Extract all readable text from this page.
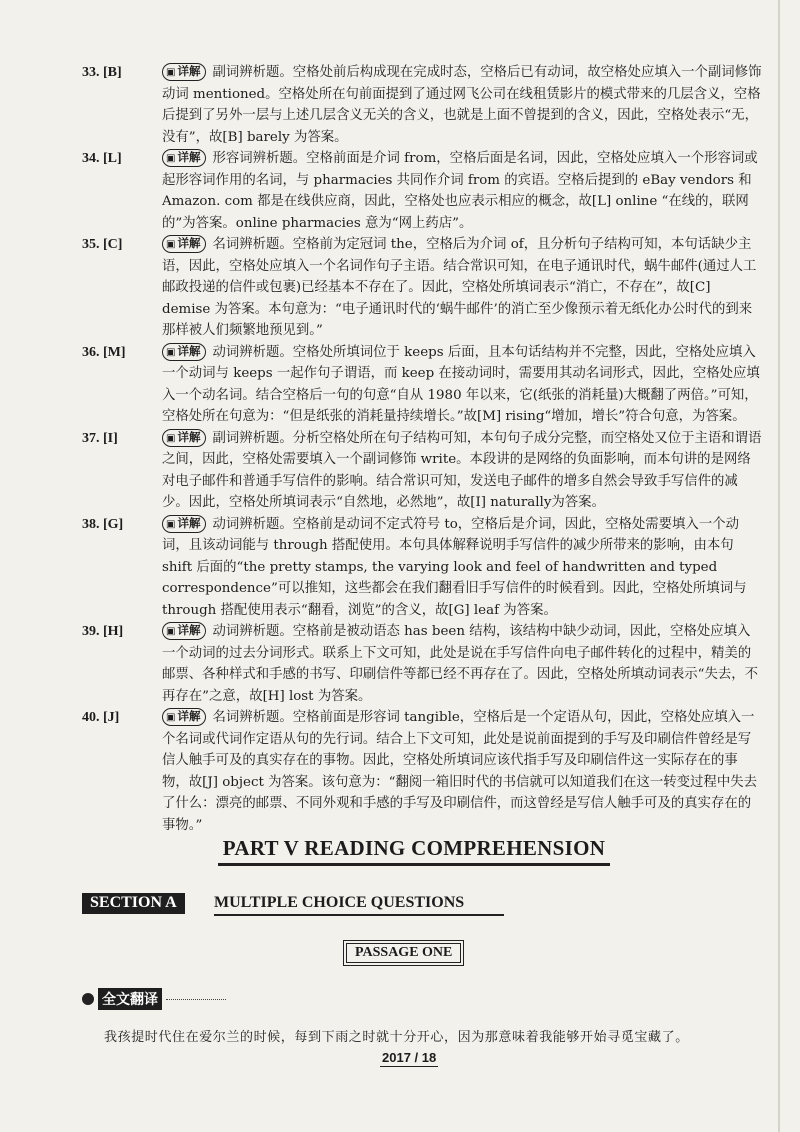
33. [B]	▣ 详解 副词辨析题。空格处前后构成现在完成时态，空格后已有动词，故空格处应填入一个副词修饰动词 mentioned。空格处所在句前面提到了通过网飞公司在线租赁影片的模式带来的几层含义，空格后提到了另外一层与上述几层含义无关的含义，也就是上面不曾提到的含义，因此，空格处表示“无，没有”，故[B] barely 为答案。
34. [L]	▣ 详解 形容词辨析题。空格前面是介词 from，空格后面是名词，因此，空格处应填入一个形容词或起形容词作用的名词，与 pharmacies 共同作介词 from 的宾语。空格后提到的 eBay vendors 和 Amazon. com 都是在线供应商，因此，空格处也应表示相应的概念，故[L] online “在线的，联网的”为答案。online pharmacies 意为“网上药店”。
35. [C]	▣ 详解 名词辨析题。空格前为定冠词 the，空格后为介词 of，且分析句子结构可知，本句话缺少主语，因此，空格处应填入一个名词作句子主语。结合常识可知，在电子通讯时代，蜗牛邮件(通过人工邮政投递的信件或包裹)已经基本不存在了。因此，空格处所填词表示“消亡，不存在”，故[C] demise 为答案。本句意为：“电子通讯时代的‘蜗牛邮件’的消亡至少像预示着无纸化办公时代的到来那样被人们频繁地预见到。”
36. [M]	▣ 详解 动词辨析题。空格处所填词位于 keeps 后面，且本句话结构并不完整，因此，空格处应填入一个动词与 keeps 一起作句子谓语，而 keep 在接动词时，需要用其动名词形式，因此，空格处应填入一个动名词。结合空格后一句的句意“自从 1980 年以来，它(纸张的消耗量)大概翻了两倍。”可知，空格处所在句意为：“但是纸张的消耗量持续增长。”故[M] rising“增加，增长”符合句意，为答案。
37. [I]	▣ 详解 副词辨析题。分析空格处所在句子结构可知，本句句子成分完整，而空格处又位于主语和谓语之间，因此，空格处需要填入一个副词修饰 write。本段讲的是网络的负面影响，而本句讲的是网络对电子邮件和普通手写信件的影响。结合常识可知，发送电子邮件的增多自然会导致手写信件的减少。因此，空格处所填词表示“自然地，必然地”，故[I] naturally为答案。
38. [G]	▣ 详解 动词辨析题。空格前是动词不定式符号 to，空格后是介词，因此，空格处需要填入一个动词，且该动词能与 through 搭配使用。本句具体解释说明手写信件的减少所带来的影响，由本句 shift 后面的“the pretty stamps, the varying look and feel of handwritten and typed correspondence”可以推知，这些都会在我们翻看旧手写信件的时候看到。因此，空格处所填词与 through 搭配使用表示“翻看，浏览”的含义，故[G] leaf 为答案。
39. [H]	▣ 详解 动词辨析题。空格前是被动语态 has been 结构，该结构中缺少动词，因此，空格处应填入一个动词的过去分词形式。联系上下文可知，此处是说在手写信件向电子邮件转化的过程中，精美的邮票、各种样式和手感的书写、印刷信件等都已经不再存在了。因此，空格处所填动词表示“失去，不再存在”之意，故[H] lost 为答案。
40. [J]	▣ 详解 名词辨析题。空格前面是形容词 tangible，空格后是一个定语从句，因此，空格处应填入一个名词或代词作定语从句的先行词。结合上下文可知，此处是说前面提到的手写及印刷信件曾经是写信人触手可及的真实存在的事物。因此，空格处所填词应该代指手写及印刷信件这一实际存在的事物，故[J] object 为答案。该句意为：“翻阅一箱旧时代的书信就可以知道我们在这一转变过程中失去了什么：漂亮的邮票、不同外观和手感的手写及印刷信件，而这曾经是写信人触手可及的真实存在的事物。”
PART V READING COMPREHENSION
SECTION A	MULTIPLE CHOICE QUESTIONS
PASSAGE ONE
全文翻译
我孩提时代住在爱尔兰的时候，每到下雨之时就十分开心，因为那意味着我能够开始寻觅宝藏了。
2017 / 18
